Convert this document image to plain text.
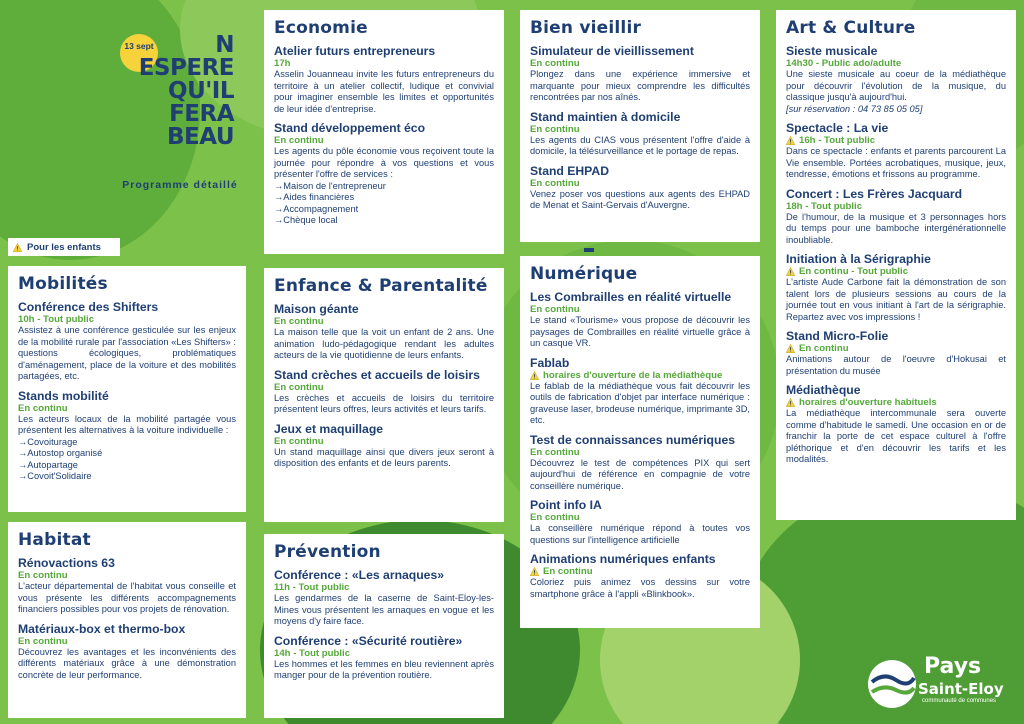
13 sept	N ESPERE QU'IL FERA BEAU
Programme détaillé
Pour les enfants
Mobilités
Conférence des Shifters
10h - Tout public
Assistez à une conférence gesticulée sur les enjeux de la mobilité rurale par l'association «Les Shifters» : questions écologiques, problématiques d'aménagement, place de la voiture et des mobilités partagées, etc.
Stands mobilité
En continu
Les acteurs locaux de la mobilité partagée vous présentent les alternatives à la voiture individuelle :
→ Covoiturage
→ Autostop organisé
→ Autopartage
→ Covoit'Solidaire
Habitat
Rénovactions 63
En continu
L'acteur départemental de l'habitat vous conseille et vous présente les différents accompagnements financiers possibles pour vos projets de rénovation.
Matériaux-box et thermo-box
En continu
Découvrez les avantages et les inconvénients des différents matériaux grâce à une démonstration concrète de leur performance.
Economie
Atelier futurs entrepreneurs
17h
Asselin Jouanneau invite les futurs entrepreneurs du territoire à un atelier collectif, ludique et convivial pour imaginer ensemble les limites et opportunités de leur idée d'entreprise.
Stand développement éco
En continu
Les agents du pôle économie vous reçoivent toute la journée pour répondre à vos questions et vous présenter l'offre de services :
→ Maison de l'entrepreneur
→ Aides financières
→ Accompagnement
→ Chèque local
Enfance & Parentalité
Maison géante
En continu
La maison telle que la voit un enfant de 2 ans. Une animation ludo-pédagogique rendant les adultes acteurs de la vie quotidienne de leurs enfants.
Stand crèches et accueils de loisirs
En continu
Les crèches et accueils de loisirs du territoire présentent leurs offres, leurs activités et leurs tarifs.
Jeux et maquillage
En continu
Un stand maquillage ainsi que divers jeux seront à disposition des enfants et de leurs parents.
Prévention
Conférence : «Les arnaques»
11h - Tout public
Les gendarmes de la caserne de Saint-Eloy-les-Mines vous présentent les arnaques en vogue et les moyens d'y faire face.
Conférence : «Sécurité routière»
14h - Tout public
Les hommes et les femmes en bleu reviennent après manger pour de la prévention routière.
Bien vieillir
Simulateur de vieillissement
En continu
Plongez dans une expérience immersive et marquante pour mieux comprendre les difficultés rencontrées par nos aînés.
Stand maintien à domicile
En continu
Les agents du CIAS vous présentent l'offre d'aide à domicile, la télésurveillance et le portage de repas.
Stand EHPAD
En continu
Venez poser vos questions aux agents des EHPAD de Menat et Saint-Gervais d'Auvergne.
Numérique
Les Combrailles en réalité virtuelle
En continu
Le stand «Tourisme» vous propose de découvrir les paysages de Combrailles en réalité virtuelle grâce à un casque VR.
Fablab
horaires d'ouverture de la médiathèque
Le fablab de la médiathèque vous fait découvrir les outils de fabrication d'objet par interface numérique : graveuse laser, brodeuse numérique, imprimante 3D, etc.
Test de connaissances numériques
En continu
Découvrez le test de compétences PIX qui sert aujourd'hui de référence en compagnie de votre conseillère numérique.
Point info IA
En continu
La conseillère numérique répond à toutes vos questions sur l'intelligence artificielle
Animations numériques enfants
En continu
Coloriez puis animez vos dessins sur votre smartphone grâce à l'appli «Blinkbook».
Art & Culture
Sieste musicale
14h30 - Public ado/adulte
Une sieste musicale au coeur de la médiathèque pour découvrir l'évolution de la musique, du classique jusqu'à aujourd'hui.
[sur réservation : 04 73 85 05 05]
Spectacle : La vie
16h - Tout public
Dans ce spectacle : enfants et parents parcourent La Vie ensemble. Portées acrobatiques, musique, jeux, tendresse, émotions et frissons au programme.
Concert : Les Frères Jacquard
18h - Tout public
De l'humour, de la musique et 3 personnages hors du temps pour une bamboche intergénérationnelle inoubliable.
Initiation à la Sérigraphie
En continu - Tout public
L'artiste Aude Carbone fait la démonstration de son talent lors de plusieurs sessions au cours de la journée tout en vous initiant à l'art de la sérigraphie. Repartez avec vos impressions !
Stand Micro-Folie
En continu
Animations autour de l'oeuvre d'Hokusai et présentation du musée
Médiathèque
horaires d'ouverture habituels
La médiathèque intercommunale sera ouverte comme d'habitude le samedi. Une occasion en or de franchir la porte de cet espace culturel à l'offre pléthorique et d'en découvrir les tarifs et les modalités.
Pays
Saint-Eloy
communauté de communes
